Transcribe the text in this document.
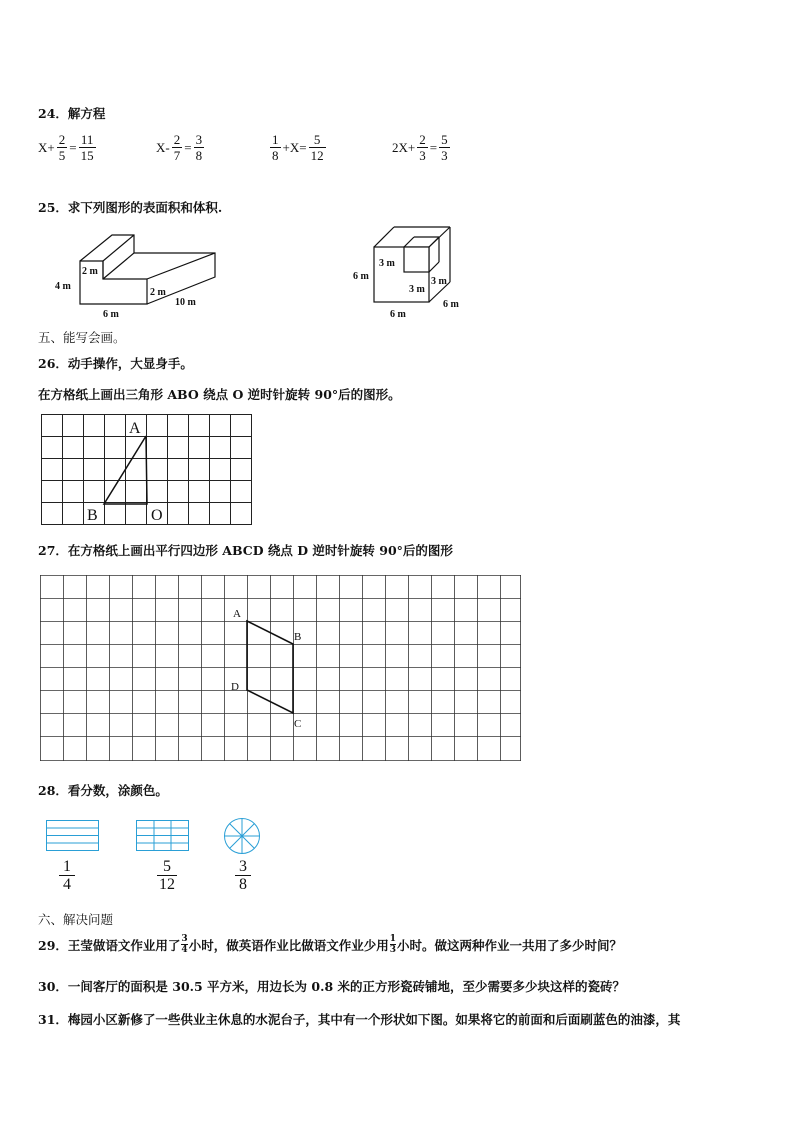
24．解方程
$X+ \frac{2}{5} = \frac{11}{15}$	$X- \frac{2}{7} = \frac{3}{8}$	$\frac{1}{8} +X= \frac{5}{12}$	$2X+ \frac{2}{3} = \frac{5}{3}$
25．求下列图形的表面积和体积.
2 m
4 m
2 m
6 m
10 m
3 m
6 m
3 m
3 m
6 m
6 m
五、能写会画。
26．动手操作，大显身手。
在方格纸上画出三角形 ABO 绕点 O 逆时针旋转 90°后的图形。
A
B	O
27．在方格纸上画出平行四边形 ABCD 绕点 D 逆时针旋转 90°后的图形
A
B
C
D
28．看分数，涂颜色。
$\frac{1}{4}$	$\frac{5}{12}$	$\frac{3}{8}$
六、解决问题
29． 王莹做语文作业用了 3
4 小时，做英语作业比做语文作业少用 1
3 小时。做这两种作业一共用了多少时间？
30．一间客厅的面积是 30.5 平方米，用边长为 0.8 米的正方形瓷砖铺地，至少需要多少块这样的瓷砖？
31．梅园小区新修了一些供业主休息的水泥台子，其中有一个形状如下图。如果将它的前面和后面刷蓝色的油漆，其
